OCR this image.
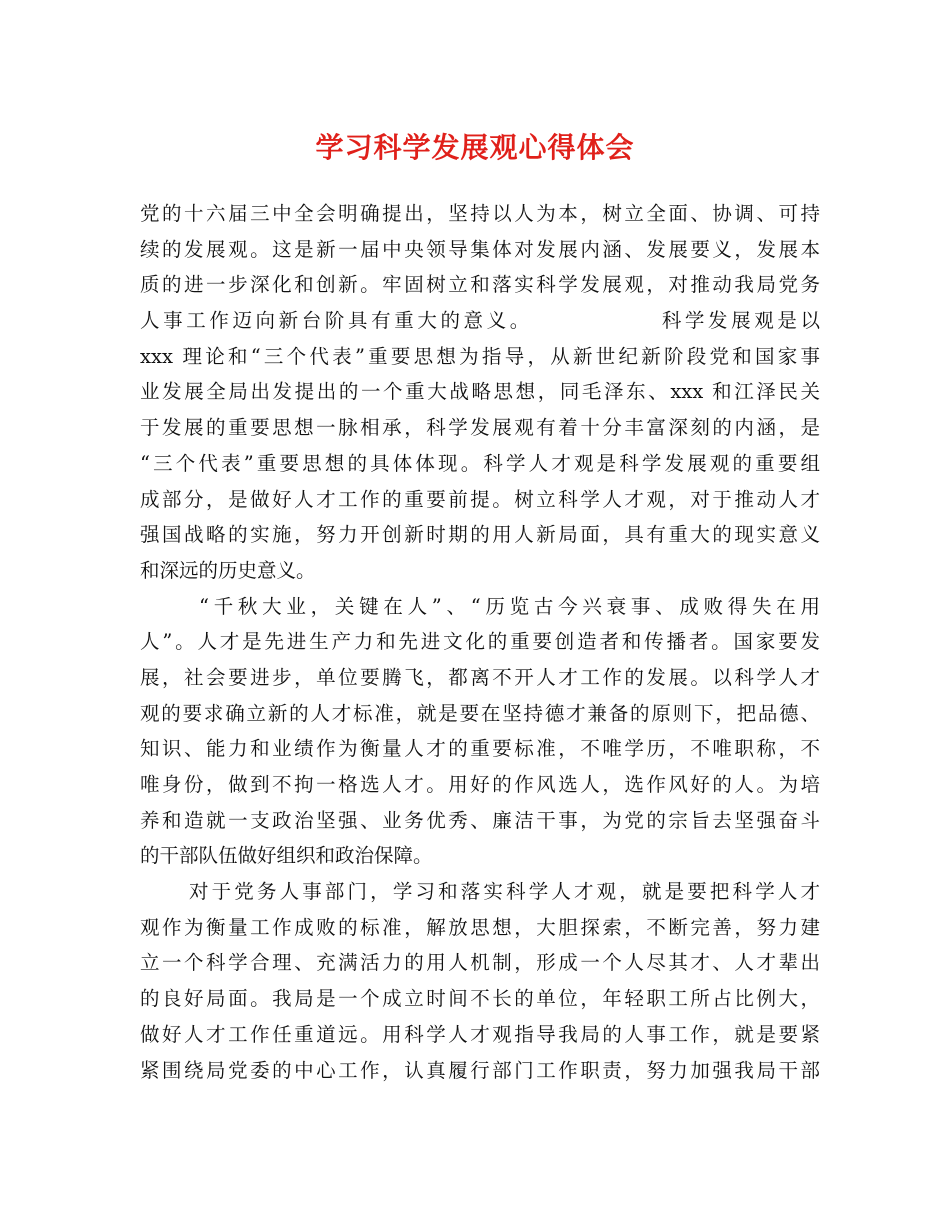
学习科学发展观心得体会
党的十六届三中全会明确提出，坚持以人为本，树立全面、协调、可持
续的发展观。这是新一届中央领导集体对发展内涵、发展要义，发展本
质的进一步深化和创新。牢固树立和落实科学发展观，对推动我局党务
人事工作迈向新台阶具有重大的意义。　　　　　　科学发展观是以
xxx 理论和“三个代表”重要思想为指导，从新世纪新阶段党和国家事
业发展全局出发提出的一个重大战略思想，同毛泽东、xxx 和江泽民关
于发展的重要思想一脉相承，科学发展观有着十分丰富深刻的内涵，是
“三个代表”重要思想的具体体现。科学人才观是科学发展观的重要组
成部分，是做好人才工作的重要前提。树立科学人才观，对于推动人才
强国战略的实施，努力开创新时期的用人新局面，具有重大的现实意义
和深远的历史意义。
“千秋大业，关键在人”、“历览古今兴衰事、成败得失在用
人”。人才是先进生产力和先进文化的重要创造者和传播者。国家要发
展，社会要进步，单位要腾飞，都离不开人才工作的发展。以科学人才
观的要求确立新的人才标准，就是要在坚持德才兼备的原则下，把品德、
知识、能力和业绩作为衡量人才的重要标准，不唯学历，不唯职称，不
唯身份，做到不拘一格选人才。用好的作风选人，选作风好的人。为培
养和造就一支政治坚强、业务优秀、廉洁干事，为党的宗旨去坚强奋斗
的干部队伍做好组织和政治保障。
对于党务人事部门，学习和落实科学人才观，就是要把科学人才
观作为衡量工作成败的标准，解放思想，大胆探索，不断完善，努力建
立一个科学合理、充满活力的用人机制，形成一个人尽其才、人才辈出
的良好局面。我局是一个成立时间不长的单位，年轻职工所占比例大，
做好人才工作任重道远。用科学人才观指导我局的人事工作，就是要紧
紧围绕局党委的中心工作，认真履行部门工作职责，努力加强我局干部
